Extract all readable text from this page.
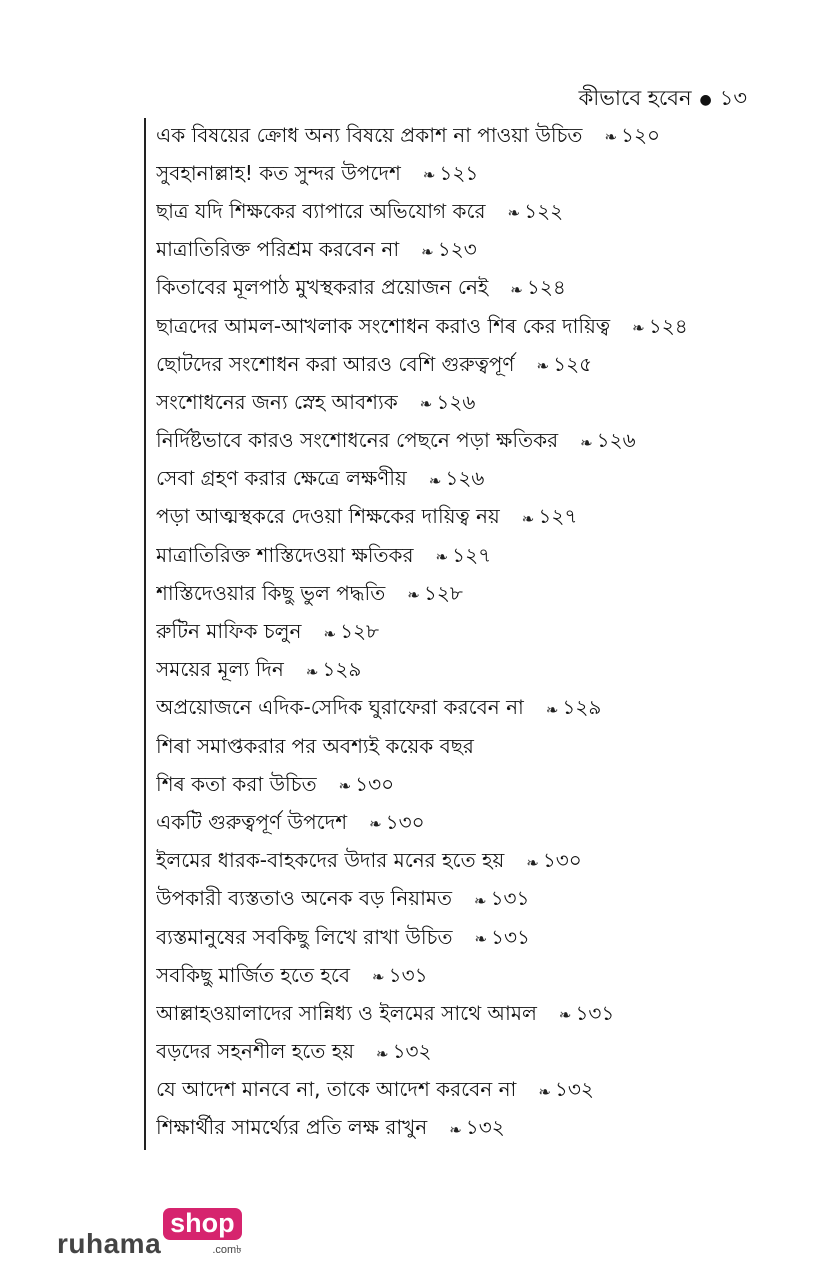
কীভাবে হবেন ● ১৩
এক বিষয়ের ক্রোধ অন্য বিষয়ে প্রকাশ না পাওয়া উচিত ❧ ১২০
সুবহানাল্লাহ! কত সুন্দর উপদেশ ❧ ১২১
ছাত্র যদি শিক্ষকের ব্যাপারে অভিযোগ করে ❧ ১২২
মাত্রাতিরিক্ত পরিশ্রম করবেন না ❧ ১২৩
কিতাবের মূলপাঠ মুখস্থকরার প্রয়োজন নেই ❧ ১২৪
ছাত্রদের আমল-আখলাক সংশোধন করাও শিৰ কের দায়িত্ব ❧ ১২৪
ছোটদের সংশোধন করা আরও বেশি গুরুত্বপূর্ণ ❧ ১২৫
সংশোধনের জন্য স্নেহ আবশ্যক ❧ ১২৬
নির্দিষ্টভাবে কারও সংশোধনের পেছনে পড়া ক্ষতিকর ❧ ১২৬
সেবা গ্রহণ করার ক্ষেত্রে লক্ষণীয় ❧ ১২৬
পড়া আত্মস্থকরে দেওয়া শিক্ষকের দায়িত্ব নয় ❧ ১২৭
মাত্রাতিরিক্ত শাস্তিদেওয়া ক্ষতিকর ❧ ১২৭
শাস্তিদেওয়ার কিছু ভুল পদ্ধতি ❧ ১২৮
রুটিন মাফিক চলুন ❧ ১২৮
সময়ের মূল্য দিন ❧ ১২৯
অপ্রয়োজনে এদিক-সেদিক ঘুরাফেরা করবেন না ❧ ১২৯
শিৰা সমাপ্তকরার পর অবশ্যই কয়েক বছর
শিৰ কতা করা উচিত ❧ ১৩০
একটি গুরুত্বপূর্ণ উপদেশ ❧ ১৩০
ইলমের ধারক-বাহকদের উদার মনের হতে হয় ❧ ১৩০
উপকারী ব্যস্ততাও অনেক বড় নিয়ামত ❧ ১৩১
ব্যস্তমানুষের সবকিছু লিখে রাখা উচিত ❧ ১৩১
সবকিছু মার্জিত হতে হবে ❧ ১৩১
আল্লাহওয়ালাদের সান্নিধ্য ও ইলমের সাথে আমল ❧ ১৩১
বড়দের সহনশীল হতে হয় ❧ ১৩২
যে আদেশ মানবে না, তাকে আদেশ করবেন না ❧ ১৩২
শিক্ষার্থীর সামর্থ্যের প্রতি লক্ষ রাখুন ❧ ১৩২
ruhama
shop
.com৳
